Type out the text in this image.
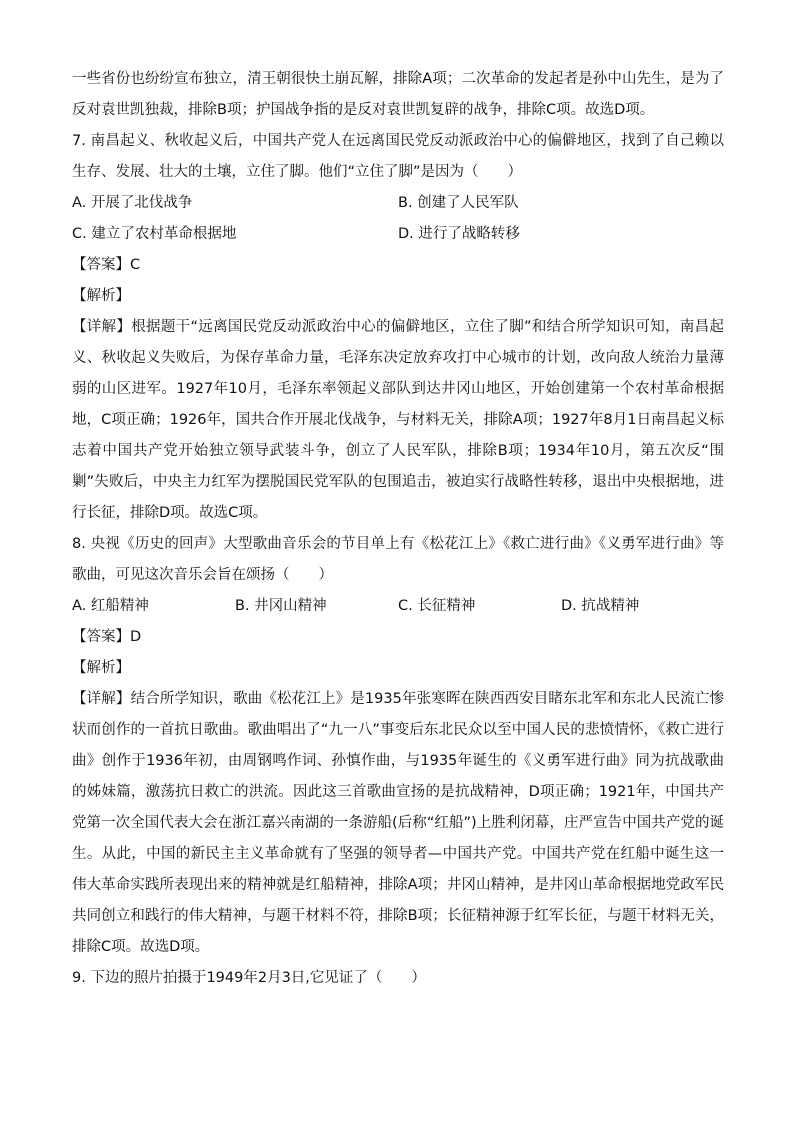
一些省份也纷纷宣布独立，清王朝很快土崩瓦解，排除A项；二次革命的发起者是孙中山先生，是为了反对袁世凯独裁，排除B项；护国战争指的是反对袁世凯复辟的战争，排除C项。故选D项。

7. 南昌起义、秋收起义后，中国共产党人在远离国民党反动派政治中心的偏僻地区，找到了自己赖以生存、发展、壮大的土壤，立住了脚。他们“立住了脚”是因为（　　）

A. 开展了北伐战争	B. 创建了人民军队

C. 建立了农村革命根据地	D. 进行了战略转移

【答案】C

【解析】

【详解】根据题干“远离国民党反动派政治中心的偏僻地区，立住了脚”和结合所学知识可知，南昌起义、秋收起义失败后，为保存革命力量，毛泽东决定放弃攻打中心城市的计划，改向敌人统治力量薄弱的山区进军。1927年10月，毛泽东率领起义部队到达井冈山地区，开始创建第一个农村革命根据地，C项正确；1926年，国共合作开展北伐战争，与材料无关，排除A项；1927年8月1日南昌起义标志着中国共产党开始独立领导武装斗争，创立了人民军队，排除B项；1934年10月，第五次反“围剿”失败后，中央主力红军为摆脱国民党军队的包围追击，被迫实行战略性转移，退出中央根据地，进行长征，排除D项。故选C项。

8. 央视《历史的回声》大型歌曲音乐会的节目单上有《松花江上》《救亡进行曲》《义勇军进行曲》等歌曲，可见这次音乐会旨在颂扬（　　）

A. 红船精神	B. 井冈山精神	C. 长征精神	D. 抗战精神

【答案】D

【解析】

【详解】结合所学知识，歌曲《松花江上》是1935年张寒晖在陕西西安目睹东北军和东北人民流亡惨状而创作的一首抗日歌曲。歌曲唱出了“九一八”事变后东北民众以至中国人民的悲愤情怀，《救亡进行曲》创作于1936年初，由周钢鸣作词、孙慎作曲，与1935年诞生的《义勇军进行曲》同为抗战歌曲的姊妹篇，激荡抗日救亡的洪流。因此这三首歌曲宣扬的是抗战精神，D项正确；1921年，中国共产党第一次全国代表大会在浙江嘉兴南湖的一条游船(后称“红船”)上胜利闭幕，庄严宣告中国共产党的诞生。从此，中国的新民主主义革命就有了坚强的领导者—中国共产党。中国共产党在红船中诞生这一伟大革命实践所表现出来的精神就是红船精神，排除A项；井冈山精神，是井冈山革命根据地党政军民共同创立和践行的伟大精神，与题干材料不符，排除B项；长征精神源于红军长征，与题干材料无关，排除C项。故选D项。

9. 下边的照片拍摄于1949年2月3日,它见证了（　　）
